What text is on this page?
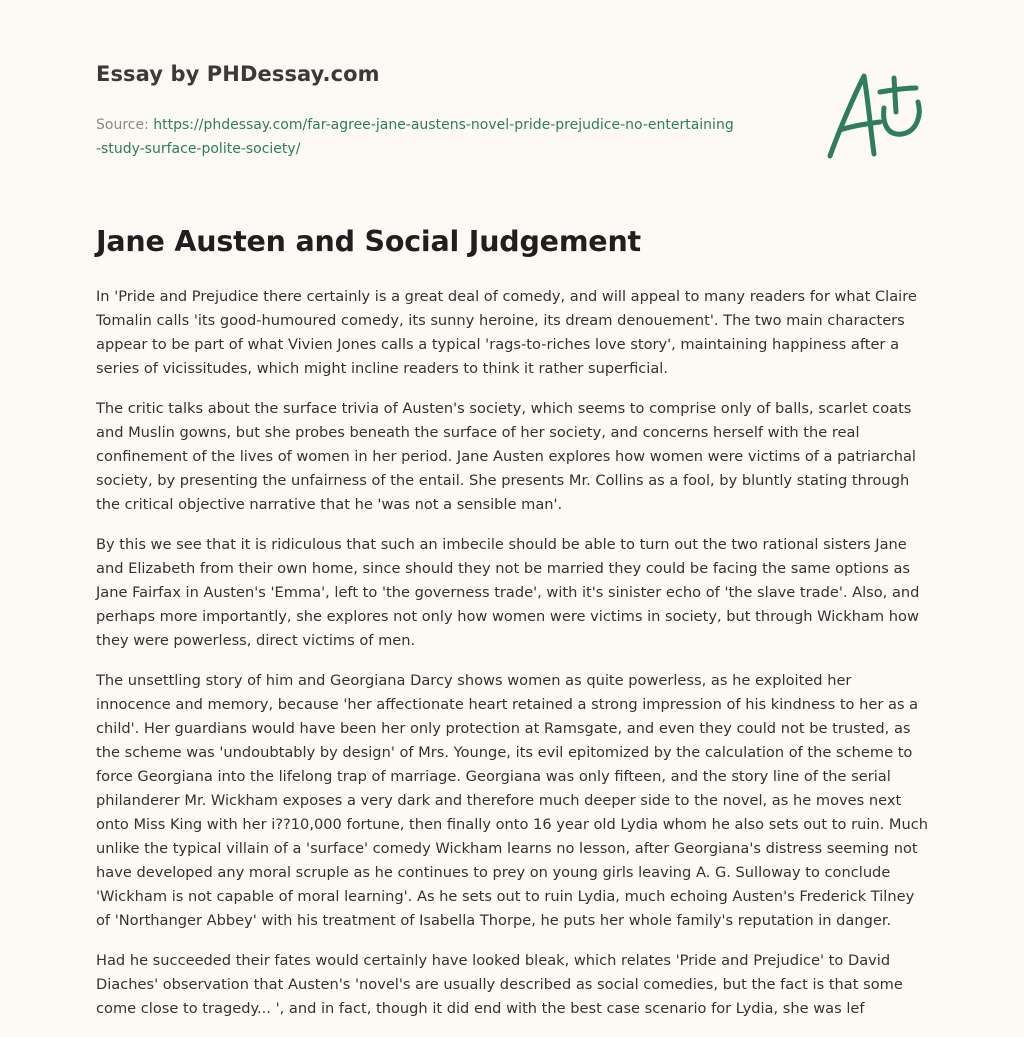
Essay by PHDessay.com
Source: https://phdessay.com/far-agree-jane-austens-novel-pride-prejudice-no-entertaining-study-surface-polite-society/
Jane Austen and Social Judgement

In 'Pride and Prejudice there certainly is a great deal of comedy, and will appeal to many readers for what Claire Tomalin calls 'its good-humoured comedy, its sunny heroine, its dream denouement'. The two main characters appear to be part of what Vivien Jones calls a typical 'rags-to-riches love story', maintaining happiness after a series of vicissitudes, which might incline readers to think it rather superficial.

The critic talks about the surface trivia of Austen's society, which seems to comprise only of balls, scarlet coats and Muslin gowns, but she probes beneath the surface of her society, and concerns herself with the real confinement of the lives of women in her period. Jane Austen explores how women were victims of a patriarchal society, by presenting the unfairness of the entail. She presents Mr. Collins as a fool, by bluntly stating through the critical objective narrative that he 'was not a sensible man'.

By this we see that it is ridiculous that such an imbecile should be able to turn out the two rational sisters Jane and Elizabeth from their own home, since should they not be married they could be facing the same options as Jane Fairfax in Austen's 'Emma', left to 'the governess trade', with it's sinister echo of 'the slave trade'. Also, and perhaps more importantly, she explores not only how women were victims in society, but through Wickham how they were powerless, direct victims of men.

The unsettling story of him and Georgiana Darcy shows women as quite powerless, as he exploited her innocence and memory, because 'her affectionate heart retained a strong impression of his kindness to her as a child'. Her guardians would have been her only protection at Ramsgate, and even they could not be trusted, as the scheme was 'undoubtably by design' of Mrs. Younge, its evil epitomized by the calculation of the scheme to force Georgiana into the lifelong trap of marriage. Georgiana was only fifteen, and the story line of the serial philanderer Mr. Wickham exposes a very dark and therefore much deeper side to the novel, as he moves next onto Miss King with her i??10,000 fortune, then finally onto 16 year old Lydia whom he also sets out to ruin. Much unlike the typical villain of a 'surface' comedy Wickham learns no lesson, after Georgiana's distress seeming not have developed any moral scruple as he continues to prey on young girls leaving A. G. Sulloway to conclude 'Wickham is not capable of moral learning'. As he sets out to ruin Lydia, much echoing Austen's Frederick Tilney of 'Northanger Abbey' with his treatment of Isabella Thorpe, he puts her whole family's reputation in danger.

Had he succeeded their fates would certainly have looked bleak, which relates 'Pride and Prejudice' to David Diaches' observation that Austen's 'novel's are usually described as social comedies, but the fact is that some come close to tragedy... ', and in fact, though it did end with the best case scenario for Lydia, she was lef
